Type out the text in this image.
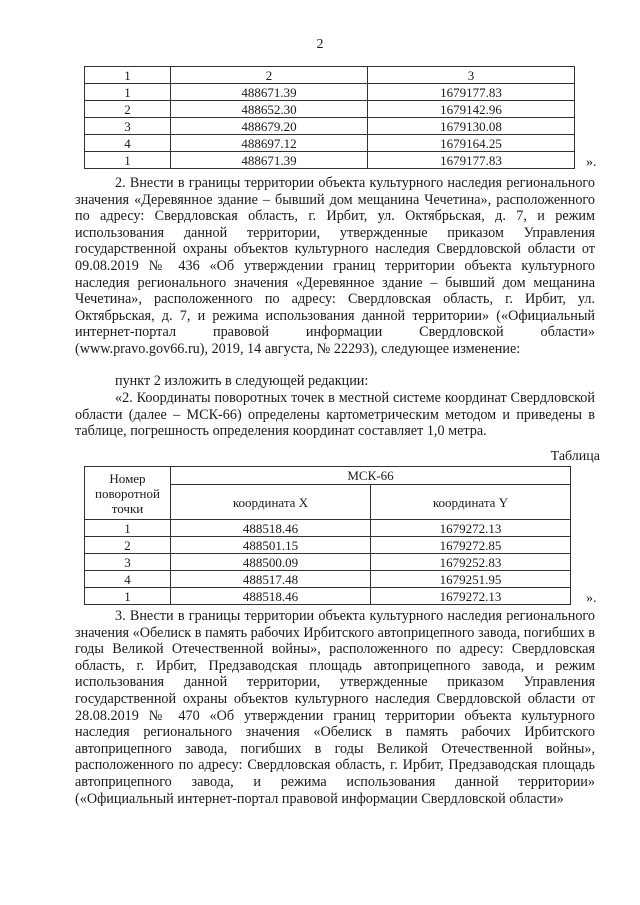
2
1	2	3
1	488671.39	1679177.83
2	488652.30	1679142.96
3	488679.20	1679130.08
4	488697.12	1679164.25
1	488671.39	1679177.83	».

2. Внести в границы территории объекта культурного наследия регионального значения «Деревянное здание – бывший дом мещанина Чечетина», расположенного по адресу: Свердловская область, г. Ирбит, ул. Октябрьская, д. 7, и режим использования данной территории, утвержденные приказом Управления государственной охраны объектов культурного наследия Свердловской области от 09.08.2019 № 436 «Об утверждении границ территории объекта культурного наследия регионального значения «Деревянное здание – бывший дом мещанина Чечетина», расположенного по адресу: Свердловская область, г. Ирбит, ул. Октябрьская, д. 7, и режима использования данной территории» («Официальный интернет-портал правовой информации Свердловской области» (www.pravo.gov66.ru), 2019, 14 августа, № 22293), следующее изменение:

пункт 2 изложить в следующей редакции:

«2. Координаты поворотных точек в местной системе координат Свердловской области (далее – МСК-66) определены картометрическим методом и приведены в таблице, погрешность определения координат составляет 1,0 метра.

Таблица
Номер поворотной точки	МСК-66	
	координата X	координата Y
1	488518.46	1679272.13
2	488501.15	1679272.85
3	488500.09	1679252.83
4	488517.48	1679251.95
1	488518.46	1679272.13	».

3. Внести в границы территории объекта культурного наследия регионального значения «Обелиск в память рабочих Ирбитского автоприцепного завода, погибших в годы Великой Отечественной войны», расположенного по адресу: Свердловская область, г. Ирбит, Предзаводская площадь автоприцепного завода, и режим использования данной территории, утвержденные приказом Управления государственной охраны объектов культурного наследия Свердловской области от 28.08.2019 № 470 «Об утверждении границ территории объекта культурного наследия регионального значения «Обелиск в память рабочих Ирбитского автоприцепного завода, погибших в годы Великой Отечественной войны», расположенного по адресу: Свердловская область, г. Ирбит, Предзаводская площадь автоприцепного завода, и режима использования данной территории» («Официальный интернет-портал правовой информации Свердловской области»
